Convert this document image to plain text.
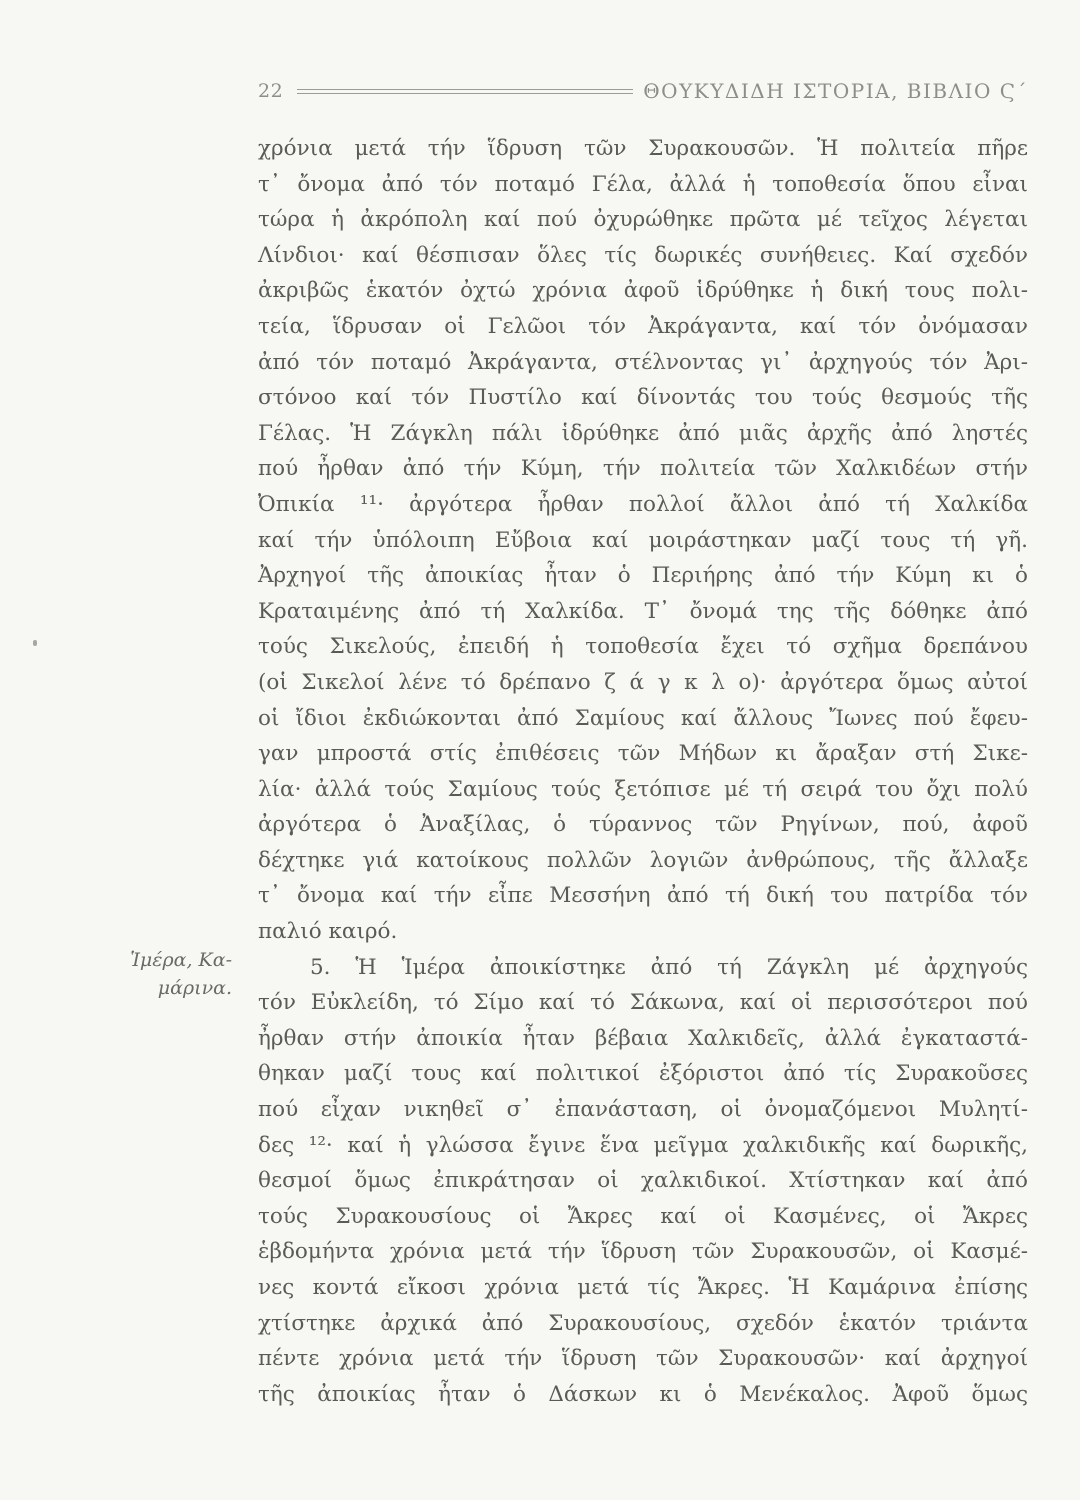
22	ΘΟΥΚΥΔΙΔΗ ΙΣΤΟΡΙΑ, ΒΙΒΛΙΟ Ϛ΄
Ἱμέρα, Κα-
μάρινα.
χρόνια μετά τήν ἵδρυση τῶν Συρακουσῶν. Ἡ πολιτεία πῆρε
τ᾿ ὄνομα ἀπό τόν ποταμό Γέλα, ἀλλά ἡ τοποθεσία ὅπου εἶναι
τώρα ἡ ἀκρόπολη καί πού ὀχυρώθηκε πρῶτα μέ τεῖχος λέγεται
Λίνδιοι· καί θέσπισαν ὅλες τίς δωρικές συνήθειες. Καί σχεδόν
ἀκριβῶς ἑκατόν ὀχτώ χρόνια ἀφοῦ ἱδρύθηκε ἡ δική τους πολι-
τεία, ἵδρυσαν οἱ Γελῶοι τόν Ἀκράγαντα, καί τόν ὀνόμασαν
ἀπό τόν ποταμό Ἀκράγαντα, στέλνοντας γι᾿ ἀρχηγούς τόν Ἀρι-
στόνοο καί τόν Πυστίλο καί δίνοντάς του τούς θεσμούς τῆς
Γέλας. Ἡ Ζάγκλη πάλι ἱδρύθηκε ἀπό μιᾶς ἀρχῆς ἀπό ληστές
πού ἦρθαν ἀπό τήν Κύμη, τήν πολιτεία τῶν Χαλκιδέων στήν
Ὀπικία ¹¹· ἀργότερα ἦρθαν πολλοί ἄλλοι ἀπό τή Χαλκίδα
καί τήν ὑπόλοιπη Εὔβοια καί μοιράστηκαν μαζί τους τή γῆ.
Ἀρχηγοί τῆς ἀποικίας ἦταν ὁ Περιήρης ἀπό τήν Κύμη κι ὁ
Κραταιμένης ἀπό τή Χαλκίδα. Τ᾿ ὄνομά της τῆς δόθηκε ἀπό
τούς Σικελούς, ἐπειδή ἡ τοποθεσία ἔχει τό σχῆμα δρεπάνου
(οἱ Σικελοί λένε τό δρέπανο ζ ά γ κ λ ο)· ἀργότερα ὅμως αὐτοί
οἱ ἴδιοι ἐκδιώκονται ἀπό Σαμίους καί ἄλλους Ἴωνες πού ἔφευ-
γαν μπροστά στίς ἐπιθέσεις τῶν Μήδων κι ἄραξαν στή Σικε-
λία· ἀλλά τούς Σαμίους τούς ξετόπισε μέ τή σειρά του ὄχι πολύ
ἀργότερα ὁ Ἀναξίλας, ὁ τύραννος τῶν Ρηγίνων, πού, ἀφοῦ
δέχτηκε γιά κατοίκους πολλῶν λογιῶν ἀνθρώπους, τῆς ἄλλαξε
τ᾿ ὄνομα καί τήν εἶπε Μεσσήνη ἀπό τή δική του πατρίδα τόν
παλιό καιρό.
5. Ἡ Ἱμέρα ἀποικίστηκε ἀπό τή Ζάγκλη μέ ἀρχηγούς
τόν Εὐκλείδη, τό Σίμο καί τό Σάκωνα, καί οἱ περισσότεροι πού
ἦρθαν στήν ἀποικία ἦταν βέβαια Χαλκιδεῖς, ἀλλά ἐγκαταστά-
θηκαν μαζί τους καί πολιτικοί ἐξόριστοι ἀπό τίς Συρακοῦσες
πού εἶχαν νικηθεῖ σ᾿ ἐπανάσταση, οἱ ὀνομαζόμενοι Μυλητί-
δες ¹²· καί ἡ γλώσσα ἔγινε ἕνα μεῖγμα χαλκιδικῆς καί δωρικῆς,
θεσμοί ὅμως ἐπικράτησαν οἱ χαλκιδικοί. Χτίστηκαν καί ἀπό
τούς Συρακουσίους οἱ Ἄκρες καί οἱ Κασμένες, οἱ Ἄκρες
ἑβδομήντα χρόνια μετά τήν ἵδρυση τῶν Συρακουσῶν, οἱ Κασμέ-
νες κοντά εἴκοσι χρόνια μετά τίς Ἄκρες. Ἡ Καμάρινα ἐπίσης
χτίστηκε ἀρχικά ἀπό Συρακουσίους, σχεδόν ἑκατόν τριάντα
πέντε χρόνια μετά τήν ἵδρυση τῶν Συρακουσῶν· καί ἀρχηγοί
τῆς ἀποικίας ἦταν ὁ Δάσκων κι ὁ Μενέκαλος. Ἀφοῦ ὅμως
